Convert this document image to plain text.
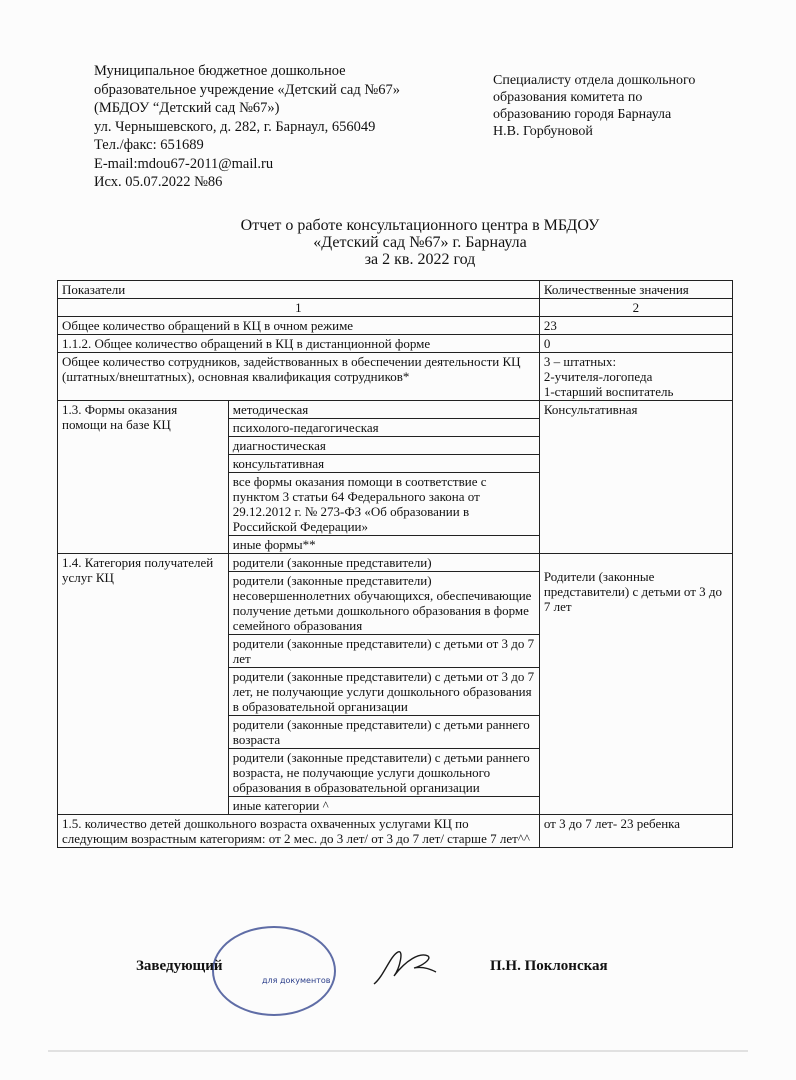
Муниципальное бюджетное дошкольное
образовательное учреждение «Детский сад №67»
(МБДОУ “Детский сад №67»)
ул. Чернышевского, д. 282, г. Барнаул, 656049
Тел./факс: 651689
E-mail:mdou67-2011@mail.ru
Исх. 05.07.2022 №86
Специалисту отдела дошкольного
образования комитета по
образованию городя Барнаула
Н.В. Горбуновой
Отчет о работе консультационного центра в МБДОУ
«Детский сад №67» г. Барнаула
за 2 кв. 2022 год
Показатели		Количественные значения
1		2
Общее количество обращений в КЦ в очном режиме		23
1.1.2. Общее количество обращений в КЦ в дистанционной форме		0
Общее количество сотрудников, задействованных в обеспечении деятельности КЦ (штатных/внештатных), основная квалификация сотрудников*		3 – штатных:
2-учителя-логопеда
1-старший воспитатель

1.3. Формы оказания помощи на базе КЦ	методическая	Консультативная
	психолого-педагогическая	
	диагностическая	
	консультативная	
	все формы оказания помощи в соответствие с пунктом 3 статьи 64 Федерального закона от 29.12.2012 г. № 273-ФЗ «Об образовании в Российской Федерации»	
	иные формы**	
1.4. Категория получателей услуг КЦ	родители (законные представители)	Родители (законные представители) с детьми от 3 до 7 лет

	родители (законные представители) несовершеннолетних обучающихся, обеспечивающие получение детьми дошкольного образования в форме семейного образования	
	родители (законные представители) с детьми от 3 до 7 лет	
	родители (законные представители) с детьми от 3 до 7 лет, не получающие услуги дошкольного образования в образовательной организации	
	родители (законные представители) с детьми раннего возраста	
	родители (законные представители) с детьми раннего возраста, не получающие услуги дошкольного образования в образовательной организации	
	иные категории ^	
1.5. количество детей дошкольного возраста охваченных услугами КЦ по следующим возрастным категориям: от 2 мес. до 3 лет/ от 3 до 7 лет/ старше 7 лет^^		от 3 до 7 лет- 23 ребенка
для документов
Заведующий	П.Н. Поклонская
